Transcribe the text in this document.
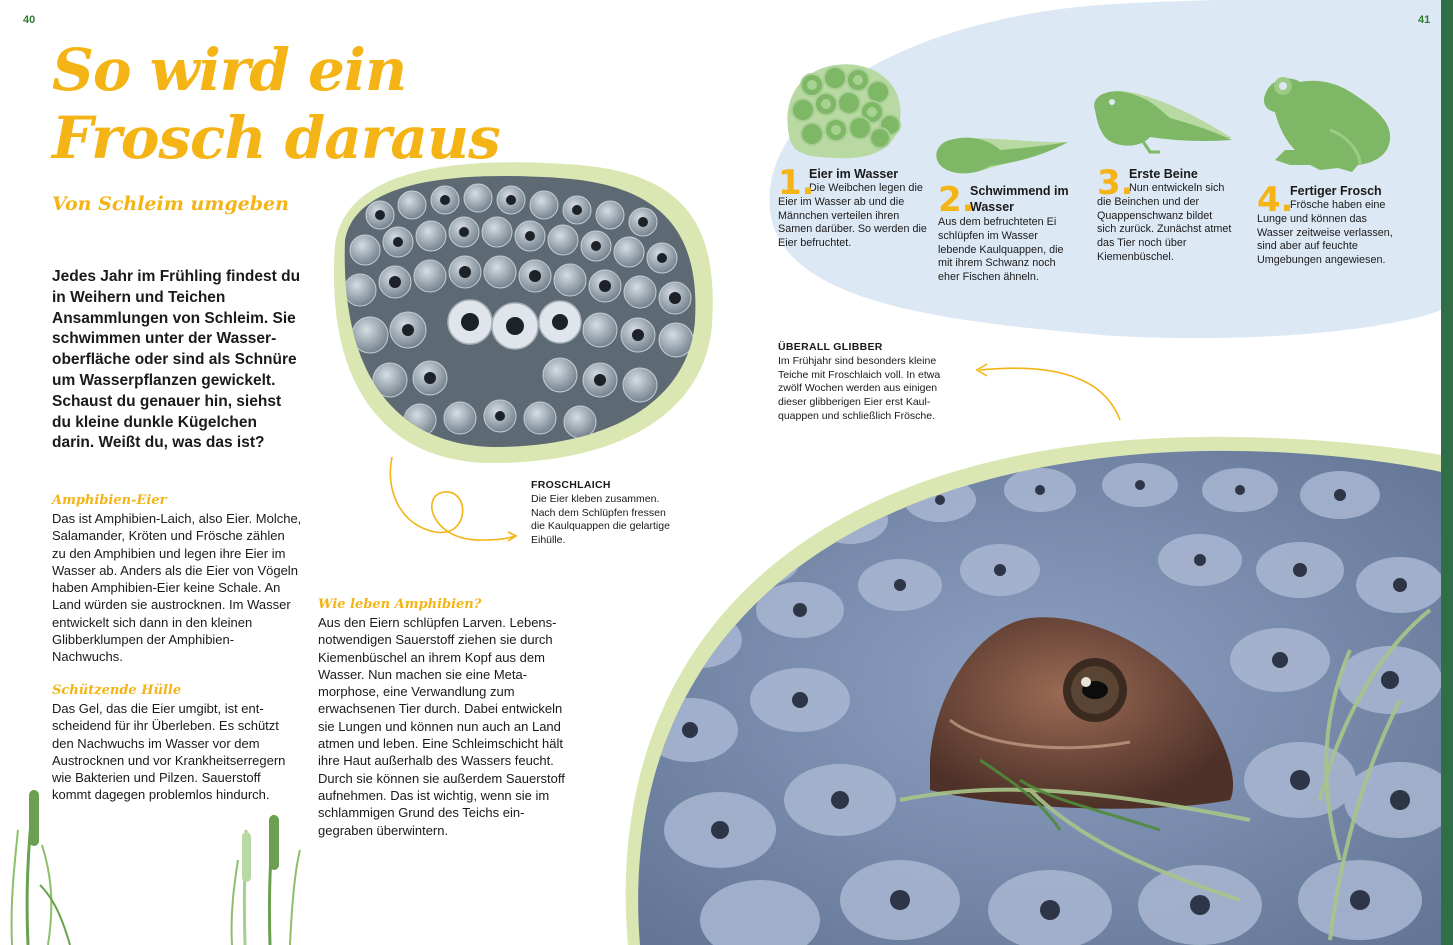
40	41
So wird ein
Frosch daraus
Von Schleim umgeben
Jedes Jahr im Frühling findest du in Weihern und Teichen Ansammlungen von Schleim. Sie schwimmen unter der Wasseroberfläche oder sind als Schnüre um Wasserpflanzen gewickelt. Schaust du genauer hin, siehst du kleine dunkle Kügelchen darin. Weißt du, was das ist?
Amphibien-Eier
Das ist Amphibien-Laich, also Eier. Molche, Salamander, Kröten und Frösche zählen zu den Amphibien und legen ihre Eier im Wasser ab. Anders als die Eier von Vögeln haben Amphibien-Eier keine Schale. An Land würden sie austrocknen. Im Wasser entwickelt sich dann in den kleinen Glibberklumpen der Amphibien-Nachwuchs.
Schützende Hülle
Das Gel, das die Eier umgibt, ist entscheidend für ihr Überleben. Es schützt den Nachwuchs im Wasser vor dem Austrocknen und vor Krankheitserregern wie Bakterien und Pilzen. Sauerstoff kommt dagegen problemlos hindurch.
Wie leben Amphibien?
Aus den Eiern schlüpfen Larven. Lebensnotwendigen Sauerstoff ziehen sie durch Kiemenbüschel an ihrem Kopf aus dem Wasser. Nun machen sie eine Metamorphose, eine Verwandlung zum erwachsenen Tier durch. Dabei entwickeln sie Lungen und können nun auch an Land atmen und leben. Eine Schleimschicht hält ihre Haut außerhalb des Wassers feucht. Durch sie können sie außerdem Sauerstoff aufnehmen. Das ist wichtig, wenn sie im schlammigen Grund des Teichs eingegraben überwintern.
FROSCHLAICH
Die Eier kleben zusammen. Nach dem Schlüpfen fressen die Kaulquappen die gelartige Eihülle.
ÜBERALL GLIBBER
Im Frühjahr sind besonders kleine Teiche mit Froschlaich voll. In etwa zwölf Wochen werden aus einigen dieser glibberigen Eier erst Kaulquappen und schließlich Frösche.
1.
Eier im Wasser
Die Weibchen legen die Eier im Wasser ab und die Männchen verteilen ihren Samen darüber. So werden die Eier befruchtet.
2.
Schwimmend im Wasser
Aus dem befruchteten Ei schlüpfen im Wasser lebende Kaulquappen, die mit ihrem Schwanz noch eher Fischen ähneln.
3.
Erste Beine
Nun entwickeln sich die Beinchen und der Quappenschwanz bildet sich zurück. Zunächst atmet das Tier noch über Kiemenbüschel.
4.
Fertiger Frosch
Frösche haben eine Lunge und können das Wasser zeitweise verlassen, sind aber auf feuchte Umgebungen angewiesen.
